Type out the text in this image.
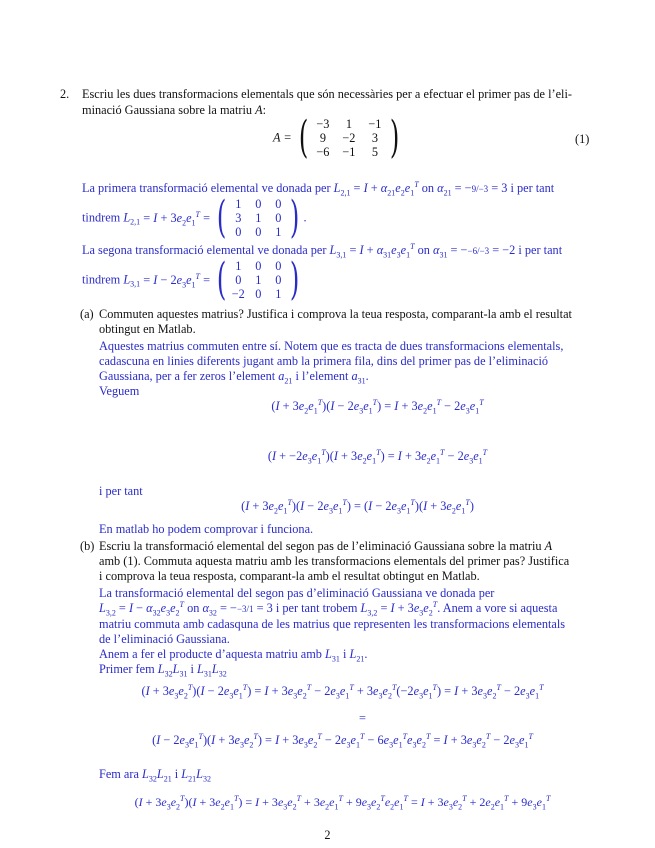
2. Escriu les dues transformacions elementals que són necessàries per a efectuar el primer pas de l’eli-
minació Gaussiana sobre la matriu A:
A = ( −3	1	−1
9	−2	3
−6	−1	5 )	(1)
La primera transformació elemental ve donada per $L_{2,1} = I + \alpha_{21}e_2e_1^T$ on $\alpha_{21} = -9/-3 = 3$ i per tant
tindrem $L_{2,1} = I + 3e_2e_1^T$ = ( 1	0	0
3	1	0
0	0	1 ) .
La segona transformació elemental ve donada per $L_{3,1} = I + \alpha_{31}e_3e_1^T$ on $\alpha_{31} = --6/-3 = -2$ i per tant
tindrem $L_{3,1} = I - 2e_3e_1^T$ = ( 1	0	0
0	1	0
−2 0	1 )
(a) Commuten aquestes matrius? Justifica i comprova la teua resposta, comparant-la amb el resultat
obtingut en Matlab.
Aquestes matrius commuten entre sí. Notem que es tracta de dues transformacions elementals,
cadascuna en linies diferents jugant amb la primera fila, dins del primer pas de l’eliminació
Gaussiana, per a fer zeros l’element $a_{21}$ i l’element $a_{31}$.
Veguem
$(I + 3e_2e_1^T)(I - 2e_3e_1^T) = I + 3e_2e_1^T - 2e_3e_1^T$
$(I + -2e_3e_1^T)(I + 3e_2e_1^T) = I + 3e_2e_1^T - 2e_3e_1^T$
i per tant
$(I + 3e_2e_1^T)(I - 2e_3e_1^T) = (I - 2e_3e_1^T)(I + 3e_2e_1^T)$
En matlab ho podem comprovar i funciona.
(b) Escriu la transformació elemental del segon pas de l’eliminació Gaussiana sobre la matriu A
amb (1). Commuta aquesta matriu amb les transformacions elementals del primer pas? Justifica
i comprova la teua resposta, comparant-la amb el resultat obtingut en Matlab.
La transformació elemental del segon pas d’eliminació Gaussiana ve donada per
$L_{3,2} = I - \alpha_{32}e_3e_2^T$ on $\alpha_{32} = --3/1 = 3$ i per tant trobem $L_{3,2} = I + 3e_3e_2^T$. Anem a vore si aquesta
matriu commuta amb cadasquna de les matrius que representen les transformacions elementals
de l’eliminació Gaussiana.
Anem a fer el producte d’aquesta matriu amb $L_{31}$ i $L_{21}$.
Primer fem $L_{32}L_{31}$ i $L_{31}L_{32}$
$(I + 3e_3e_2^T)(I - 2e_3e_1^T) = I + 3e_3e_2^T - 2e_3e_1^T + 3e_3e_2^T(-2e_3e_1^T) = I + 3e_3e_2^T - 2e_3e_1^T$
=
$(I - 2e_3e_1^T)(I + 3e_3e_2^T) = I + 3e_3e_2^T - 2e_3e_1^T - 6e_3e_1^Te_3e_2^T = I + 3e_3e_2^T - 2e_3e_1^T$
Fem ara $L_{32}L_{21}$ i $L_{21}L_{32}$
$(I + 3e_3e_2^T)(I + 3e_2e_1^T) = I + 3e_3e_2^T + 3e_2e_1^T + 9e_3e_2^Te_2e_1^T = I + 3e_3e_2^T + 2e_2e_1^T + 9e_3e_1^T$
2
